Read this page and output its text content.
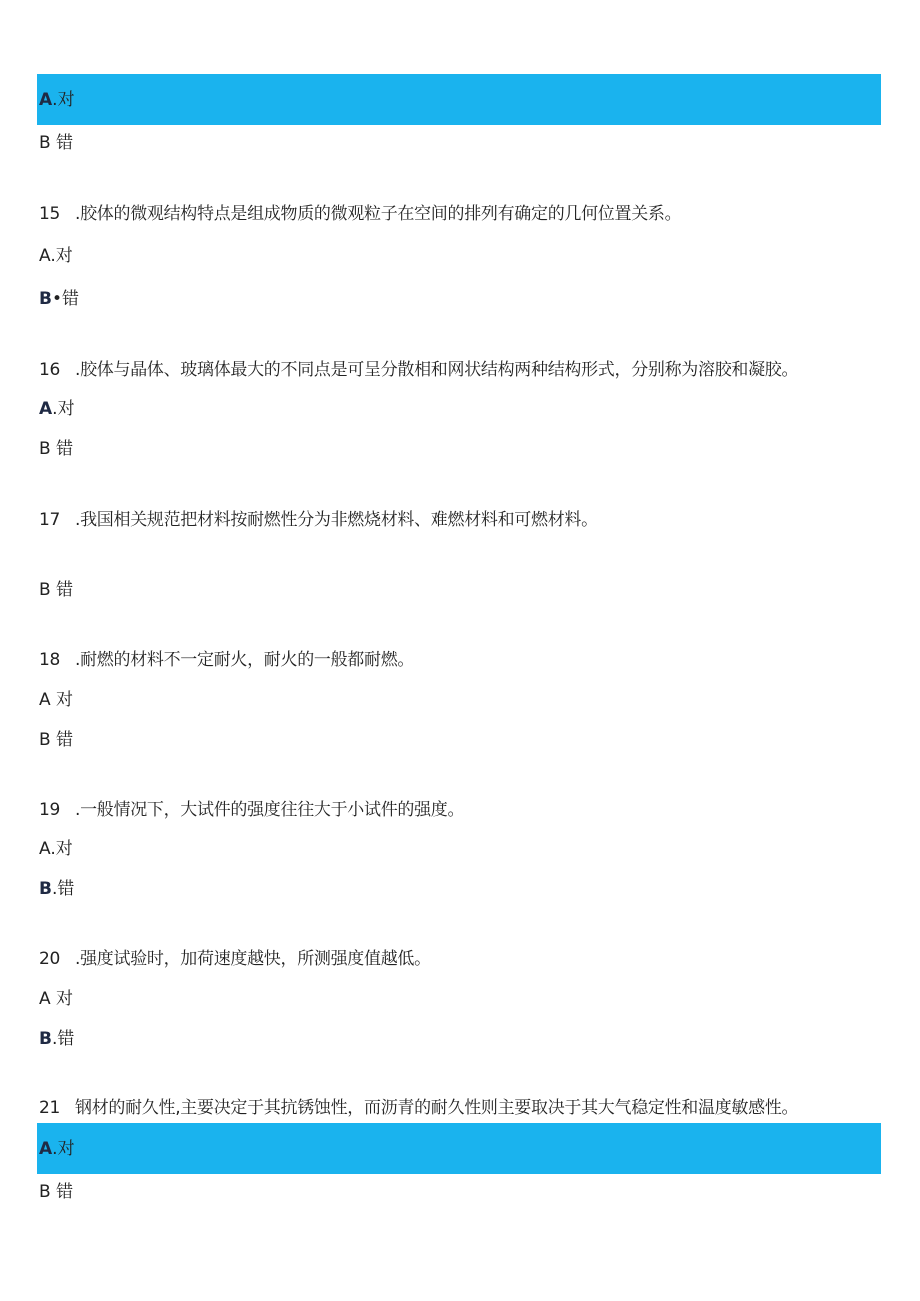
A.对
B 错
15 .胶体的微观结构特点是组成物质的微观粒子在空间的排列有确定的几何位置关系。
A.对
B•错
16 .胶体与晶体、玻璃体最大的不同点是可呈分散相和网状结构两种结构形式，分别称为溶胶和凝胶。
A.对
B 错
17 .我国相关规范把材料按耐燃性分为非燃烧材料、难燃材料和可燃材料。
B 错
18 .耐燃的材料不一定耐火，耐火的一般都耐燃。
A 对
B 错
19 .一般情况下，大试件的强度往往大于小试件的强度。
A.对
B.错
20 .强度试验时，加荷速度越快，所测强度值越低。
A 对
B.错
21 钢材的耐久性,主要决定于其抗锈蚀性，而沥青的耐久性则主要取决于其大气稳定性和温度敏感性。
A.对
B 错
